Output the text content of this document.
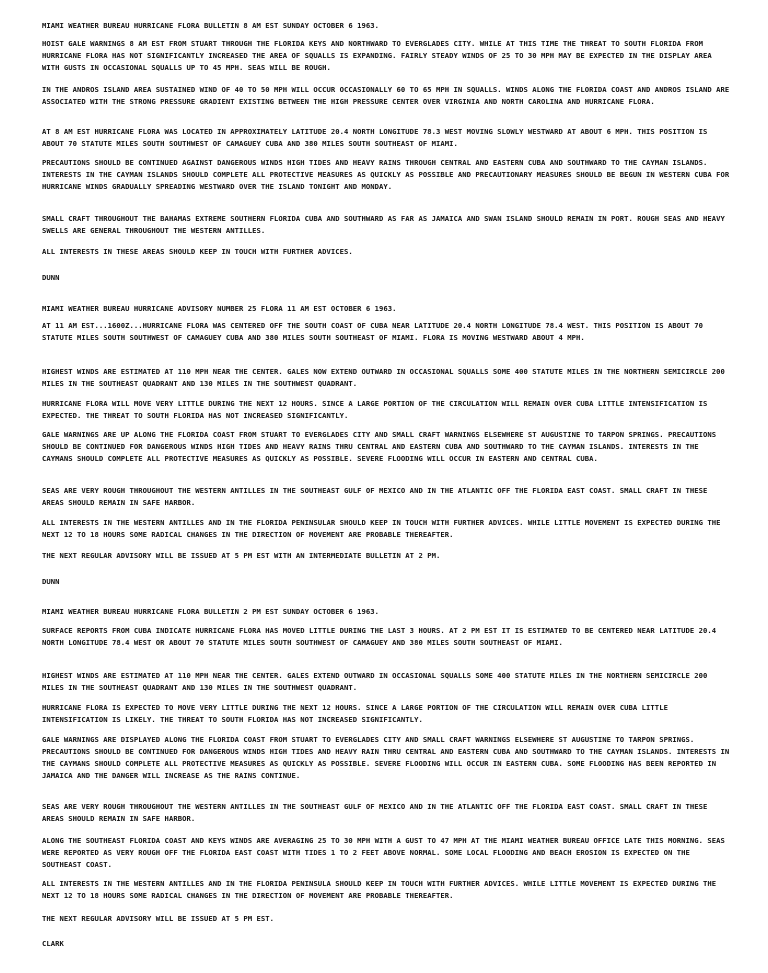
MIAMI WEATHER BUREAU HURRICANE FLORA BULLETIN 8 AM EST SUNDAY OCTOBER 6 1963.
HOIST GALE WARNINGS 8 AM EST FROM STUART THROUGH THE FLORIDA KEYS AND NORTHWARD TO EVERGLADES CITY. WHILE AT THIS TIME THE THREAT TO SOUTH FLORIDA FROM HURRICANE FLORA HAS NOT SIGNIFICANTLY INCREASED THE AREA OF SQUALLS IS EXPANDING. FAIRLY STEADY WINDS OF 25 TO 30 MPH MAY BE EXPECTED IN THE DISPLAY AREA WITH GUSTS IN OCCASIONAL SQUALLS UP TO 45 MPH. SEAS WILL BE ROUGH.
IN THE ANDROS ISLAND AREA SUSTAINED WIND OF 40 TO 50 MPH WILL OCCUR OCCASIONALLY 60 TO 65 MPH IN SQUALLS. WINDS ALONG THE FLORIDA COAST AND ANDROS ISLAND ARE ASSOCIATED WITH THE STRONG PRESSURE GRADIENT EXISTING BETWEEN THE HIGH PRESSURE CENTER OVER VIRGINIA AND NORTH CAROLINA AND HURRICANE FLORA.
AT 8 AM EST HURRICANE FLORA WAS LOCATED IN APPROXIMATELY LATITUDE 20.4 NORTH LONGITUDE 78.3 WEST MOVING SLOWLY WESTWARD AT ABOUT 6 MPH. THIS POSITION IS ABOUT 70 STATUTE MILES SOUTH SOUTHWEST OF CAMAGUEY CUBA AND 380 MILES SOUTH SOUTHEAST OF MIAMI.
PRECAUTIONS SHOULD BE CONTINUED AGAINST DANGEROUS WINDS HIGH TIDES AND HEAVY RAINS THROUGH CENTRAL AND EASTERN CUBA AND SOUTHWARD TO THE CAYMAN ISLANDS. INTERESTS IN THE CAYMAN ISLANDS SHOULD COMPLETE ALL PROTECTIVE MEASURES AS QUICKLY AS POSSIBLE AND PRECAUTIONARY MEASURES SHOULD BE BEGUN IN WESTERN CUBA FOR HURRICANE WINDS GRADUALLY SPREADING WESTWARD OVER THE ISLAND TONIGHT AND MONDAY.
SMALL CRAFT THROUGHOUT THE BAHAMAS EXTREME SOUTHERN FLORIDA CUBA AND SOUTHWARD AS FAR AS JAMAICA AND SWAN ISLAND SHOULD REMAIN IN PORT. ROUGH SEAS AND HEAVY SWELLS ARE GENERAL THROUGHOUT THE WESTERN ANTILLES.
ALL INTERESTS IN THESE AREAS SHOULD KEEP IN TOUCH WITH FURTHER ADVICES.
DUNN
MIAMI WEATHER BUREAU HURRICANE ADVISORY NUMBER 25 FLORA 11 AM EST OCTOBER 6 1963.
AT 11 AM EST...1600Z...HURRICANE FLORA WAS CENTERED OFF THE SOUTH COAST OF CUBA NEAR LATITUDE 20.4 NORTH LONGITUDE 78.4 WEST. THIS POSITION IS ABOUT 70 STATUTE MILES SOUTH SOUTHWEST OF CAMAGUEY CUBA AND 380 MILES SOUTH SOUTHEAST OF MIAMI. FLORA IS MOVING WESTWARD ABOUT 4 MPH.
HIGHEST WINDS ARE ESTIMATED AT 110 MPH NEAR THE CENTER. GALES NOW EXTEND OUTWARD IN OCCASIONAL SQUALLS SOME 400 STATUTE MILES IN THE NORTHERN SEMICIRCLE 200 MILES IN THE SOUTHEAST QUADRANT AND 130 MILES IN THE SOUTHWEST QUADRANT.
HURRICANE FLORA WILL MOVE VERY LITTLE DURING THE NEXT 12 HOURS. SINCE A LARGE PORTION OF THE CIRCULATION WILL REMAIN OVER CUBA LITTLE INTENSIFICATION IS EXPECTED. THE THREAT TO SOUTH FLORIDA HAS NOT INCREASED SIGNIFICANTLY.
GALE WARNINGS ARE UP ALONG THE FLORIDA COAST FROM STUART TO EVERGLADES CITY AND SMALL CRAFT WARNINGS ELSEWHERE ST AUGUSTINE TO TARPON SPRINGS. PRECAUTIONS SHOULD BE CONTINUED FOR DANGEROUS WINDS HIGH TIDES AND HEAVY RAINS THRU CENTRAL AND EASTERN CUBA AND SOUTHWARD TO THE CAYMAN ISLANDS. INTERESTS IN THE CAYMANS SHOULD COMPLETE ALL PROTECTIVE MEASURES AS QUICKLY AS POSSIBLE. SEVERE FLOODING WILL OCCUR IN EASTERN AND CENTRAL CUBA.
SEAS ARE VERY ROUGH THROUGHOUT THE WESTERN ANTILLES IN THE SOUTHEAST GULF OF MEXICO AND IN THE ATLANTIC OFF THE FLORIDA EAST COAST. SMALL CRAFT IN THESE AREAS SHOULD REMAIN IN SAFE HARBOR.
ALL INTERESTS IN THE WESTERN ANTILLES AND IN THE FLORIDA PENINSULAR SHOULD KEEP IN TOUCH WITH FURTHER ADVICES. WHILE LITTLE MOVEMENT IS EXPECTED DURING THE NEXT 12 TO 18 HOURS SOME RADICAL CHANGES IN THE DIRECTION OF MOVEMENT ARE PROBABLE THEREAFTER.
THE NEXT REGULAR ADVISORY WILL BE ISSUED AT 5 PM EST WITH AN INTERMEDIATE BULLETIN AT 2 PM.
DUNN
MIAMI WEATHER BUREAU HURRICANE FLORA BULLETIN 2 PM EST SUNDAY OCTOBER 6 1963.
SURFACE REPORTS FROM CUBA INDICATE HURRICANE FLORA HAS MOVED LITTLE DURING THE LAST 3 HOURS. AT 2 PM EST IT IS ESTIMATED TO BE CENTERED NEAR LATITUDE 20.4 NORTH LONGITUDE 78.4 WEST OR ABOUT 70 STATUTE MILES SOUTH SOUTHWEST OF CAMAGUEY AND 380 MILES SOUTH SOUTHEAST OF MIAMI.
HIGHEST WINDS ARE ESTIMATED AT 110 MPH NEAR THE CENTER. GALES EXTEND OUTWARD IN OCCASIONAL SQUALLS SOME 400 STATUTE MILES IN THE NORTHERN SEMICIRCLE 200 MILES IN THE SOUTHEAST QUADRANT AND 130 MILES IN THE SOUTHWEST QUADRANT.
HURRICANE FLORA IS EXPECTED TO MOVE VERY LITTLE DURING THE NEXT 12 HOURS. SINCE A LARGE PORTION OF THE CIRCULATION WILL REMAIN OVER CUBA LITTLE INTENSIFICATION IS LIKELY. THE THREAT TO SOUTH FLORIDA HAS NOT INCREASED SIGNIFICANTLY.
GALE WARNINGS ARE DISPLAYED ALONG THE FLORIDA COAST FROM STUART TO EVERGLADES CITY AND SMALL CRAFT WARNINGS ELSEWHERE ST AUGUSTINE TO TARPON SPRINGS. PRECAUTIONS SHOULD BE CONTINUED FOR DANGEROUS WINDS HIGH TIDES AND HEAVY RAIN THRU CENTRAL AND EASTERN CUBA AND SOUTHWARD TO THE CAYMAN ISLANDS. INTERESTS IN THE CAYMANS SHOULD COMPLETE ALL PROTECTIVE MEASURES AS QUICKLY AS POSSIBLE. SEVERE FLOODING WILL OCCUR IN EASTERN CUBA. SOME FLOODING HAS BEEN REPORTED IN JAMAICA AND THE DANGER WILL INCREASE AS THE RAINS CONTINUE.
SEAS ARE VERY ROUGH THROUGHOUT THE WESTERN ANTILLES IN THE SOUTHEAST GULF OF MEXICO AND IN THE ATLANTIC OFF THE FLORIDA EAST COAST. SMALL CRAFT IN THESE AREAS SHOULD REMAIN IN SAFE HARBOR.
ALONG THE SOUTHEAST FLORIDA COAST AND KEYS WINDS ARE AVERAGING 25 TO 30 MPH WITH A GUST TO 47 MPH AT THE MIAMI WEATHER BUREAU OFFICE LATE THIS MORNING. SEAS WERE REPORTED AS VERY ROUGH OFF THE FLORIDA EAST COAST WITH TIDES 1 TO 2 FEET ABOVE NORMAL. SOME LOCAL FLOODING AND BEACH EROSION IS EXPECTED ON THE SOUTHEAST COAST.
ALL INTERESTS IN THE WESTERN ANTILLES AND IN THE FLORIDA PENINSULA SHOULD KEEP IN TOUCH WITH FURTHER ADVICES. WHILE LITTLE MOVEMENT IS EXPECTED DURING THE NEXT 12 TO 18 HOURS SOME RADICAL CHANGES IN THE DIRECTION OF MOVEMENT ARE PROBABLE THEREAFTER.
THE NEXT REGULAR ADVISORY WILL BE ISSUED AT 5 PM EST.
CLARK
